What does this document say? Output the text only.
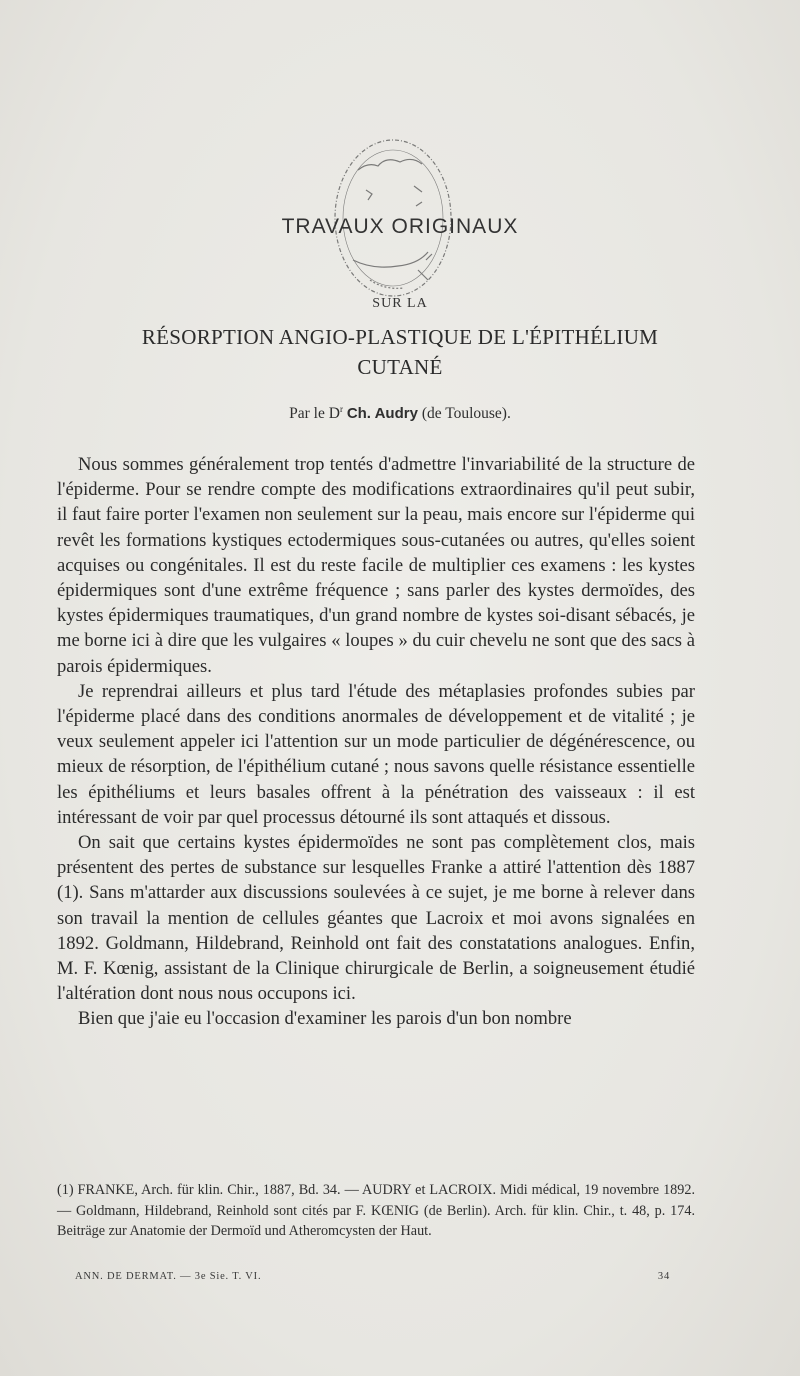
TRAVAUX ORIGINAUX
SUR LA
RÉSORPTION ANGIO-PLASTIQUE DE L'ÉPITHÉLIUM
CUTANÉ
Par le $D^r$ Ch. Audry (de Toulouse).

Nous sommes généralement trop tentés d'admettre l'invariabilité de la structure de l'épiderme. Pour se rendre compte des modifications extraordinaires qu'il peut subir, il faut faire porter l'examen non seulement sur la peau, mais encore sur l'épiderme qui revêt les formations kystiques ectodermiques sous-cutanées ou autres, qu'elles soient acquises ou congénitales. Il est du reste facile de multiplier ces examens : les kystes épidermiques sont d'une extrême fréquence ; sans parler des kystes dermoïdes, des kystes épidermiques traumatiques, d'un grand nombre de kystes soi-disant sébacés, je me borne ici à dire que les vulgaires « loupes » du cuir chevelu ne sont que des sacs à parois épidermiques.

Je reprendrai ailleurs et plus tard l'étude des métaplasies profondes subies par l'épiderme placé dans des conditions anormales de développement et de vitalité ; je veux seulement appeler ici l'attention sur un mode particulier de dégénérescence, ou mieux de résorption, de l'épithélium cutané ; nous savons quelle résistance essentielle les épithéliums et leurs basales offrent à la pénétration des vaisseaux : il est intéressant de voir par quel processus détourné ils sont attaqués et dissous.

On sait que certains kystes épidermoïdes ne sont pas complètement clos, mais présentent des pertes de substance sur lesquelles Franke a attiré l'attention dès 1887 (1). Sans m'attarder aux discussions soulevées à ce sujet, je me borne à relever dans son travail la mention de cellules géantes que Lacroix et moi avons signalées en 1892. Goldmann, Hildebrand, Reinhold ont fait des constatations analogues. Enfin, M. F. Kœnig, assistant de la Clinique chirurgicale de Berlin, a soigneusement étudié l'altération dont nous nous occupons ici.

Bien que j'aie eu l'occasion d'examiner les parois d'un bon nombre

(1) FRANKE, Arch. für klin. Chir., 1887, Bd. 34. — AUDRY et LACROIX. Midi médical, 19 novembre 1892. — Goldmann, Hildebrand, Reinhold sont cités par F. KŒNIG (de Berlin). Arch. für klin. Chir., t. 48, p. 174. Beiträge zur Anatomie der Dermoïd und Atheromcysten der Haut.
ANN. DE DERMAT. — 3e Sie. T. VI.	34
